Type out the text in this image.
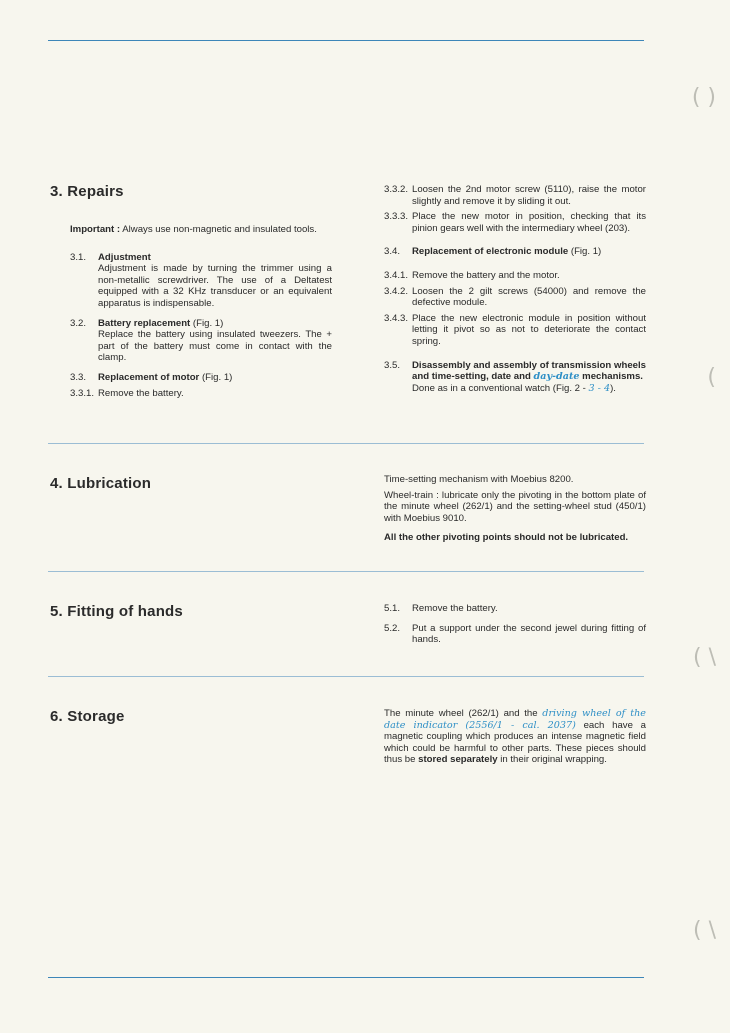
( )
(
( \
( \
3. Repairs

Important : Always use non-magnetic and insulated tools.

3.1.	Adjustment

Adjustment is made by turning the trimmer using a non-metallic screwdriver. The use of a Deltatest equipped with a 32 KHz transducer or an equivalent apparatus is indispensable.

3.2.	Battery replacement (Fig. 1)

Replace the battery using insulated tweezers. The + part of the battery must come in contact with the clamp.

3.3.	Replacement of motor (Fig. 1)

3.3.1. Remove the battery.

3.3.2. Loosen the 2nd motor screw (5110), raise the motor slightly and remove it by sliding it out.

3.3.3. Place the new motor in position, checking that its pinion gears well with the intermediary wheel (203).

3.4.	Replacement of electronic module (Fig. 1)

3.4.1. Remove the battery and the motor.

3.4.2. Loosen the 2 gilt screws (54000) and remove the defective module.

3.4.3. Place the new electronic module in position without letting it pivot so as not to deteriorate the contact spring.

3.5.	Disassembly and assembly of transmission wheels and time-setting, date and day-date mechanisms.

Done as in a conventional watch (Fig. 2 - 3 - 4).

4. Lubrication	Time-setting mechanism with Moebius 8200.

Wheel-train : lubricate only the pivoting in the bottom plate of the minute wheel (262/1) and the setting-wheel stud (450/1) with Moebius 9010.

All the other pivoting points should not be lubricated.

5. Fitting of hands	5.1.	Remove the battery.

5.2.	Put a support under the second jewel during fitting of hands.

6. Storage	The minute wheel (262/1) and the driving wheel of the date indicator (2556/1 - cal. 2037) each have a magnetic coupling which produces an intense magnetic field which could be harmful to other parts. These pieces should thus be stored separately in their original wrapping.
